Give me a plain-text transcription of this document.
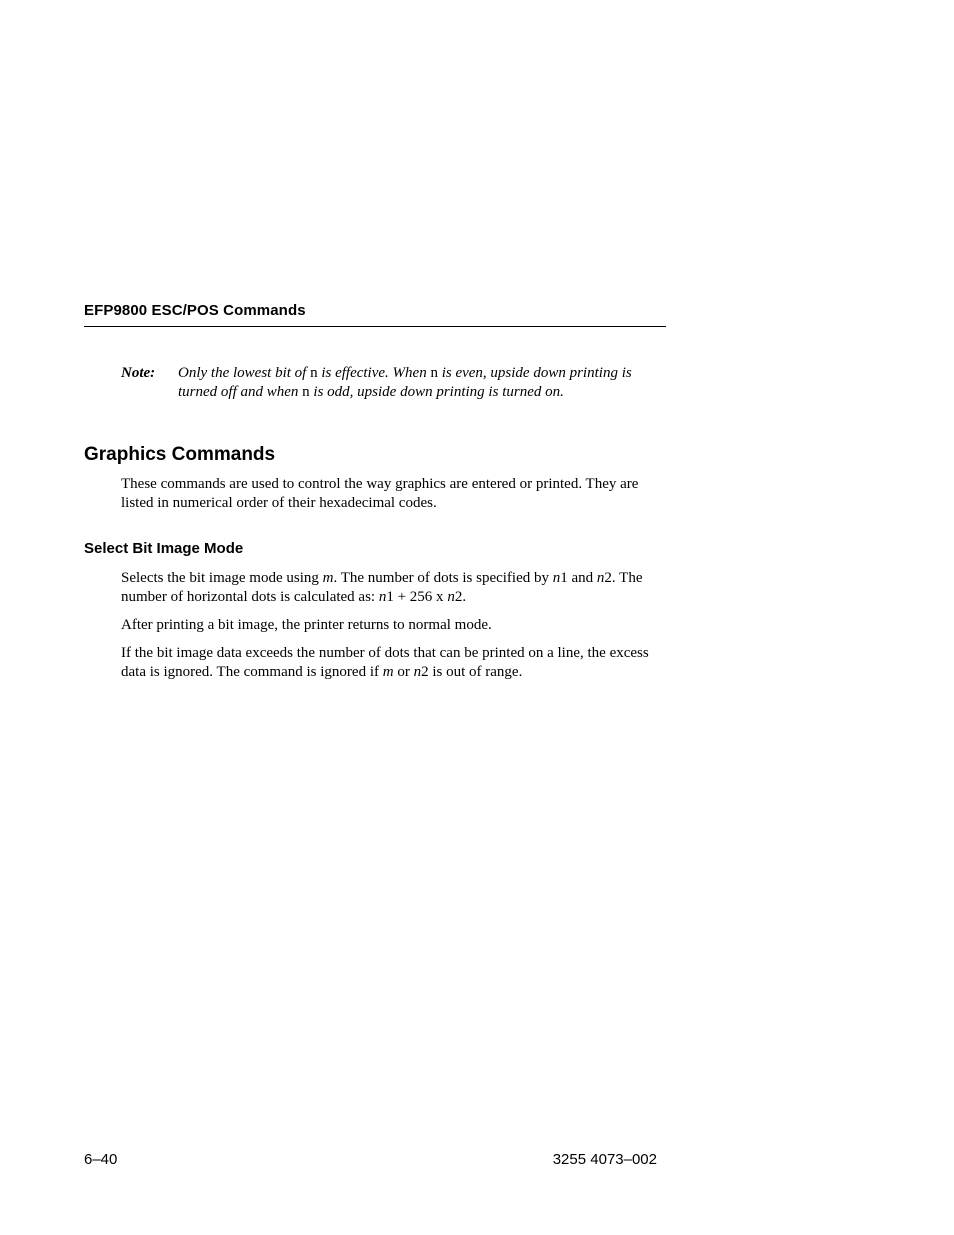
EFP9800 ESC/POS Commands
Note: Only the lowest bit of n is effective. When n is even, upside down printing is turned off and when n is odd, upside down printing is turned on.
Graphics Commands

These commands are used to control the way graphics are entered or printed. They are listed in numerical order of their hexadecimal codes.

Select Bit Image Mode

Selects the bit image mode using m. The number of dots is specified by n1 and n2. The number of horizontal dots is calculated as: n1 + 256 x n2.

After printing a bit image, the printer returns to normal mode.

If the bit image data exceeds the number of dots that can be printed on a line, the excess data is ignored. The command is ignored if m or n2 is out of range.

6–40	3255 4073–002
